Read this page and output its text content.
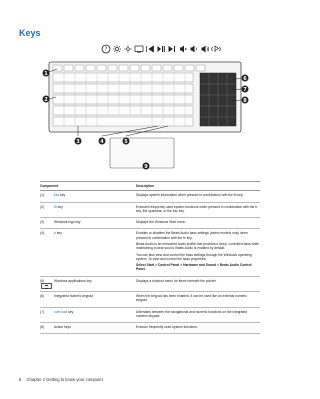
Keys
?
1
2
3	4	5
6
7
8
9
Component		Description
(1)	esc key	Displays system information when pressed in combination with the fn key.

(2)	fn key	Executes frequently used system functions when pressed in combination with the b key, the spacebar, or the esc key.

(3)	Windows logo key	Displays the Windows Start menu.

(4)	b key	Enables or disables the Beats Audio bass settings (select models only) when pressed in combination with the fn key.

Beats Audio is an enhanced audio profile that provides a deep, controlled bass while maintaining a clear sound. Beats Audio is enabled by default.

You can also view and control the bass settings through the Windows operating system. To view and control the bass properties:

Select Start > Control Panel > Hardware and Sound > Beats Audio Control Panel.

(5)	Windows applications key	Displays a shortcut menu for items beneath the pointer.

(6)	Integrated numeric keypad	When the keypad has been enabled, it can be used like an external numeric keypad.

(7)	num lock key	Alternates between the navigational and numeric functions on the integrated numeric keypad.

(8)	Action keys	Execute frequently used system functions.

8 Chapter 2 Getting to know your computer
